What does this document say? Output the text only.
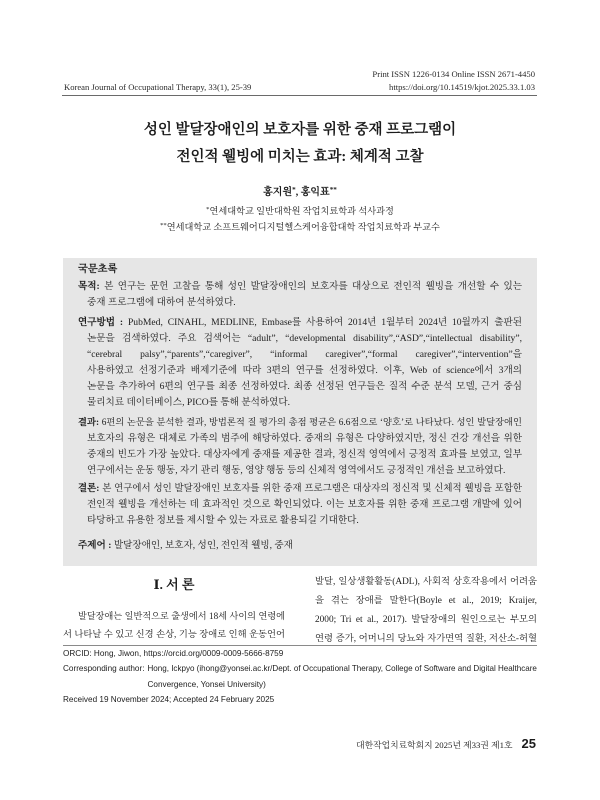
Print ISSN 1226-0134 Online ISSN 2671-4450
Korean Journal of Occupational Therapy, 33(1), 25-39	https://doi.org/10.14519/kjot.2025.33.1.03
성인 발달장애인의 보호자를 위한 중재 프로그램이
전인적 웰빙에 미치는 효과: 체계적 고찰
홍지원*, 홍익표**
*연세대학교 일반대학원 작업치료학과 석사과정
**연세대학교 소프트웨어디지털헬스케어융합대학 작업치료학과 부교수
국문초록
목적: 본 연구는 문헌 고찰을 통해 성인 발달장애인의 보호자를 대상으로 전인적 웰빙을 개선할 수 있는
중재 프로그램에 대하여 분석하였다.
연구방법 : PubMed, CINAHL, MEDLINE, Embase를 사용하여 2014년 1월부터 2024년 10월까지 출판된
논문을 검색하였다. 주요 검색어는 “adult”, “developmental disability”,“ASD”,“intellectual disability”,
“cerebral palsy”,“parents”,“caregiver”, “informal caregiver”,“formal caregiver”,“intervention”을
사용하였고 선정기준과 배제기준에 따라 3편의 연구를 선정하였다. 이후, Web of science에서 3개의
논문을 추가하여 6편의 연구를 최종 선정하였다. 최종 선정된 연구들은 질적 수준 분석 모델, 근거 중심
물리치료 데이터베이스, PICO를 통해 분석하였다.
결과: 6편의 논문을 분석한 결과, 방법론적 질 평가의 총점 평균은 6.6점으로 ‘양호’로 나타났다. 성인 발달장애인
보호자의 유형은 대체로 가족의 범주에 해당하였다. 중재의 유형은 다양하였지만, 정신 건강 개선을 위한
중재의 빈도가 가장 높았다. 대상자에게 중재를 제공한 결과, 정신적 영역에서 긍정적 효과를 보였고, 일부
연구에서는 운동 행동, 자기 관리 행동, 영양 행동 등의 신체적 영역에서도 긍정적인 개선을 보고하였다.
결론: 본 연구에서 성인 발달장애인 보호자를 위한 중재 프로그램은 대상자의 정신적 및 신체적 웰빙을 포함한
전인적 웰빙을 개선하는 데 효과적인 것으로 확인되었다. 이는 보호자를 위한 중재 프로그램 개발에 있어
타당하고 유용한 정보를 제시할 수 있는 자료로 활용되길 기대한다.
주제어 : 발달장애인, 보호자, 성인, 전인적 웰빙, 중재
Ⅰ. 서 론
발달장애는 일반적으로 출생에서 18세 사이의 연령에
서 나타날 수 있고 신경 손상, 기능 장애로 인해 운동언어
발달, 일상생활활동(ADL), 사회적 상호작용에서 어려움
을 겪는 장애를 말한다(Boyle et al., 2019; Kraijer,
2000; Tri et al., 2017). 발달장애의 원인으로는 부모의
연령 증가, 어머니의 당뇨와 자가면역 질환, 저산소-허혈
ORCID: Hong, Jiwon, https://orcid.org/0009-0009-5666-8759
Corresponding author: Hong, Ickpyo (ihong@yonsei.ac.kr/Dept. of Occupational Therapy, College of Software and Digital Healthcare
Convergence, Yonsei University)
Received 19 November 2024; Accepted 24 February 2025
대한작업치료학회지 2025년 제33권 제1호 25
